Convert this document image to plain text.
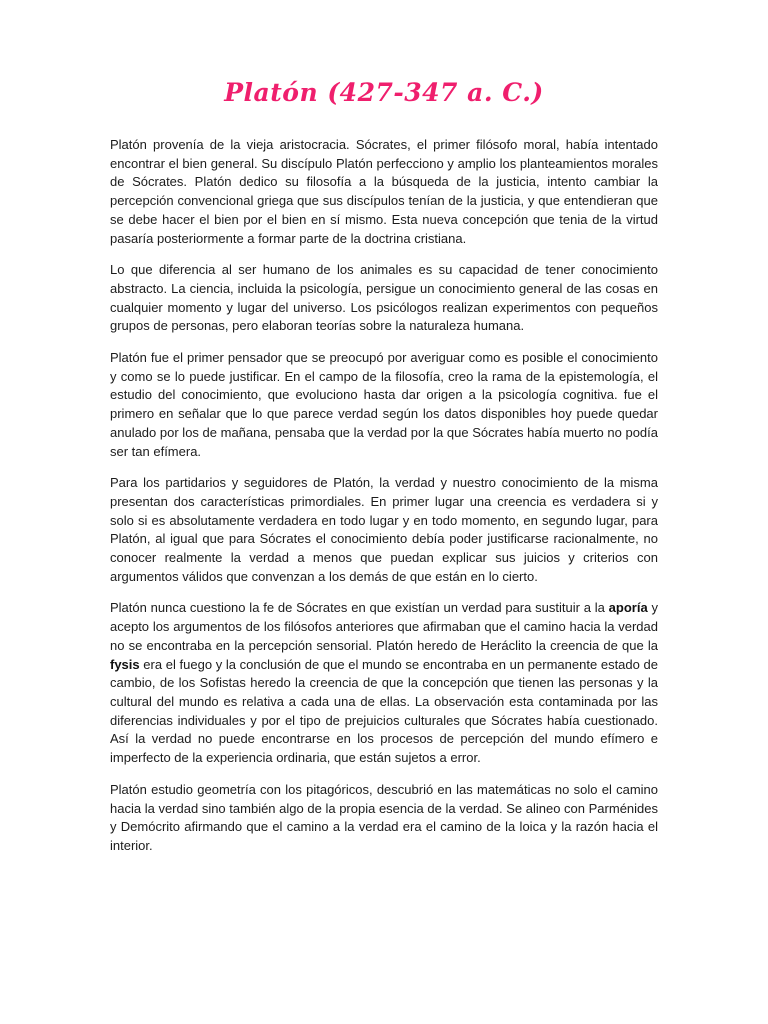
Platón (427-347 a. C.)

Platón provenía de la vieja aristocracia. Sócrates, el primer filósofo moral, había intentado encontrar el bien general. Su discípulo Platón perfecciono y amplio los planteamientos morales de Sócrates. Platón dedico su filosofía a la búsqueda de la justicia, intento cambiar la percepción convencional griega que sus discípulos tenían de la justicia, y que entendieran que se debe hacer el bien por el bien en sí mismo. Esta nueva concepción que tenia de la virtud pasaría posteriormente a formar parte de la doctrina cristiana.

Lo que diferencia al ser humano de los animales es su capacidad de tener conocimiento abstracto. La ciencia, incluida la psicología, persigue un conocimiento general de las cosas en cualquier momento y lugar del universo. Los psicólogos realizan experimentos con pequeños grupos de personas, pero elaboran teorías sobre la naturaleza humana.

Platón fue el primer pensador que se preocupó por averiguar como es posible el conocimiento y como se lo puede justificar. En el campo de la filosofía, creo la rama de la epistemología, el estudio del conocimiento, que evoluciono hasta dar origen a la psicología cognitiva. fue el primero en señalar que lo que parece verdad según los datos disponibles hoy puede quedar anulado por los de mañana, pensaba que la verdad por la que Sócrates había muerto no podía ser tan efímera.

Para los partidarios y seguidores de Platón, la verdad y nuestro conocimiento de la misma presentan dos características primordiales. En primer lugar una creencia es verdadera si y solo si es absolutamente verdadera en todo lugar y en todo momento, en segundo lugar, para Platón, al igual que para Sócrates el conocimiento debía poder justificarse racionalmente, no conocer realmente la verdad a menos que puedan explicar sus juicios y criterios con argumentos válidos que convenzan a los demás de que están en lo cierto.

Platón nunca cuestiono la fe de Sócrates en que existían un verdad para sustituir a la aporía y acepto los argumentos de los filósofos anteriores que afirmaban que el camino hacia la verdad no se encontraba en la percepción sensorial. Platón heredo de Heráclito la creencia de que la fysis era el fuego y la conclusión de que el mundo se encontraba en un permanente estado de cambio, de los Sofistas heredo la creencia de que la concepción que tienen las personas y la cultural del mundo es relativa a cada una de ellas. La observación esta contaminada por las diferencias individuales y por el tipo de prejuicios culturales que Sócrates había cuestionado. Así la verdad no puede encontrarse en los procesos de percepción del mundo efímero e imperfecto de la experiencia ordinaria, que están sujetos a error.

Platón estudio geometría con los pitagóricos, descubrió en las matemáticas no solo el camino hacia la verdad sino también algo de la propia esencia de la verdad. Se alineo con Parménides y Demócrito afirmando que el camino a la verdad era el camino de la loica y la razón hacia el interior.
